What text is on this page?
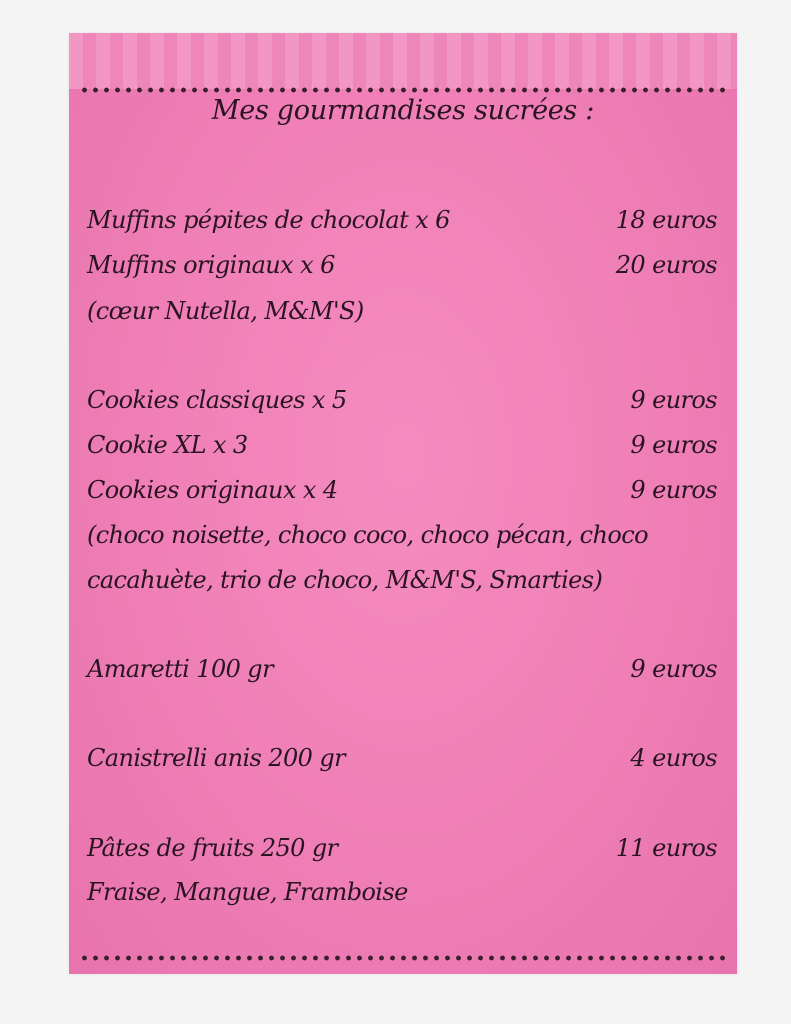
Mes gourmandises sucrées :
Muffins pépites de chocolat x 6	18 euros
Muffins originaux x 6	20 euros
(cœur Nutella, M&M'S)
Cookies classiques x 5	9 euros
Cookie XL x 3	9 euros
Cookies originaux x 4	9 euros
(choco noisette, choco coco, choco pécan, choco
cacahuète, trio de choco, M&M'S, Smarties)
Amaretti 100 gr	9 euros
Canistrelli anis 200 gr	4 euros
Pâtes de fruits 250 gr	11 euros
Fraise, Mangue, Framboise
